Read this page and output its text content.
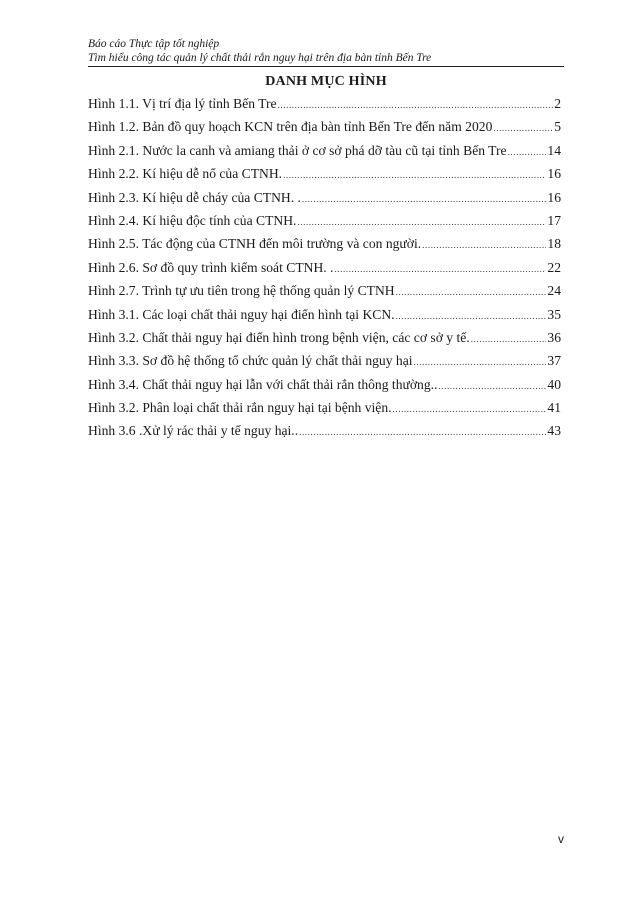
Báo cáo Thực tập tốt nghiệp
Tìm hiểu công tác quản lý chất thải rắn nguy hại trên địa bàn tỉnh Bến Tre
DANH MỤC HÌNH
Hình 1.1. Vị trí địa lý tỉnh Bến Tre .....	2
Hình 1.2. Bản đồ quy hoạch KCN trên địa bàn tỉnh Bến Tre đến năm 2020 .....	5
Hình 2.1. Nước la canh và amiang thải ở cơ sở phá dỡ tàu cũ tại tỉnh Bến Tre .....	14
Hình 2.2. Kí hiệu dễ nổ của CTNH. .....	16
Hình 2.3. Kí hiệu dễ cháy của CTNH. . .....	16
Hình 2.4. Kí hiệu độc tính của CTNH. .....	17
Hình 2.5. Tác động của CTNH đến môi trường và con người. .....	18
Hình 2.6. Sơ đồ quy trình kiểm soát CTNH. . .....	22
Hình 2.7. Trình tự ưu tiên trong hệ thống quản lý CTNH .....	24
Hình 3.1. Các loại chất thải nguy hại điển hình tại KCN. .....	35
Hình 3.2. Chất thải nguy hại điển hình trong bệnh viện, các cơ sở y tế. .....	36
Hình 3.3. Sơ đồ hệ thống tổ chức quản lý chất thải nguy hại .....	37
Hình 3.4. Chất thải nguy hại lẫn với chất thải rắn thông thường.. .....	40
Hình 3.2. Phân loại chất thải rắn nguy hại tại bệnh viện. .....	41
Hình 3.6 .Xử lý rác thải y tế nguy hại.. .....	43
v
